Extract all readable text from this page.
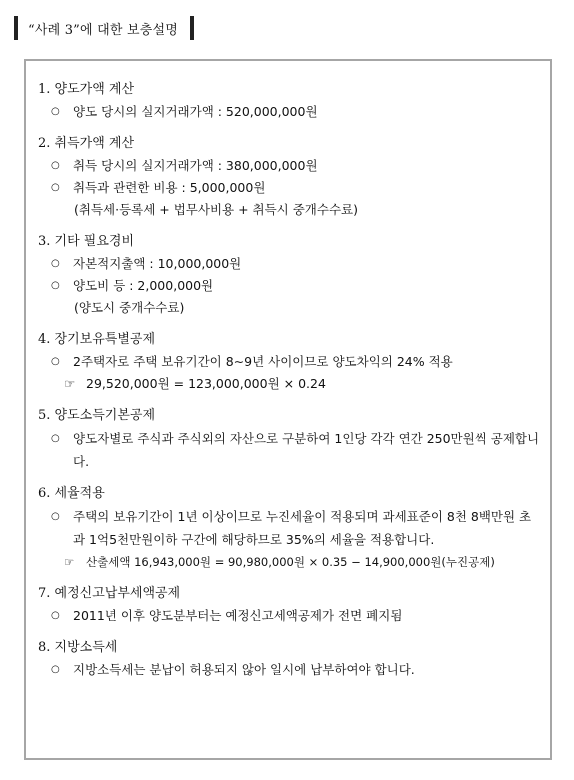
“사례 3”에 대한 보충설명
1. 양도가액 계산
○	양도 당시의 실지거래가액 : 520,000,000원
2. 취득가액 계산
○	취득 당시의 실지거래가액 : 380,000,000원
○	취득과 관련한 비용 : 5,000,000원
(취득세·등록세 + 법무사비용 + 취득시 중개수수료)
3. 기타 필요경비
○	자본적지출액 : 10,000,000원
○	양도비 등 : 2,000,000원
(양도시 중개수수료)
4. 장기보유특별공제
○	2주택자로 주택 보유기간이 8∼9년 사이이므로 양도차익의 24% 적용
☞ 29,520,000원 = 123,000,000원 × 0.24
5. 양도소득기본공제
○	양도자별로 주식과 주식외의 자산으로 구분하여 1인당 각각 연간 250만원씩 공제합니다.
6. 세율적용
○	주택의 보유기간이 1년 이상이므로 누진세율이 적용되며 과세표준이 8천 8백만원 초과 1억5천만원이하 구간에 해당하므로 35%의 세율을 적용합니다.
☞ 산출세액 16,943,000원 = 90,980,000원 × 0.35 − 14,900,000원(누진공제)
7. 예정신고납부세액공제
○	2011년 이후 양도분부터는 예정신고세액공제가 전면 폐지됨
8. 지방소득세
○	지방소득세는 분납이 허용되지 않아 일시에 납부하여야 합니다.
